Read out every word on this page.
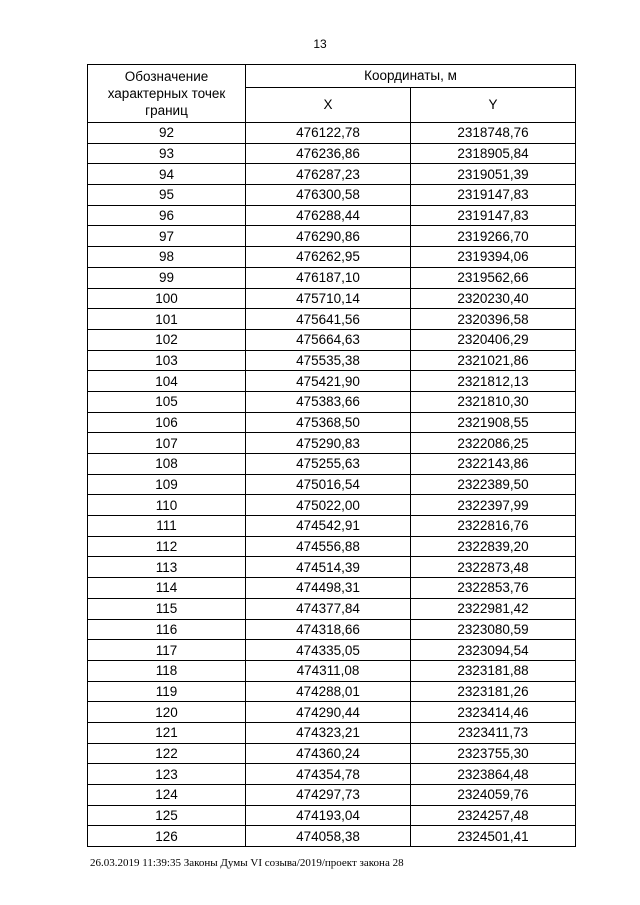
13
Обозначение характерных точек границ	Координаты, м	
	X	Y
92	476122,78	2318748,76
93	476236,86	2318905,84
94	476287,23	2319051,39
95	476300,58	2319147,83
96	476288,44	2319147,83
97	476290,86	2319266,70
98	476262,95	2319394,06
99	476187,10	2319562,66
100	475710,14	2320230,40
101	475641,56	2320396,58
102	475664,63	2320406,29
103	475535,38	2321021,86
104	475421,90	2321812,13
105	475383,66	2321810,30
106	475368,50	2321908,55
107	475290,83	2322086,25
108	475255,63	2322143,86
109	475016,54	2322389,50
110	475022,00	2322397,99
111	474542,91	2322816,76
112	474556,88	2322839,20
113	474514,39	2322873,48
114	474498,31	2322853,76
115	474377,84	2322981,42
116	474318,66	2323080,59
117	474335,05	2323094,54
118	474311,08	2323181,88
119	474288,01	2323181,26
120	474290,44	2323414,46
121	474323,21	2323411,73
122	474360,24	2323755,30
123	474354,78	2323864,48
124	474297,73	2324059,76
125	474193,04	2324257,48
126	474058,38	2324501,41
26.03.2019 11:39:35 Законы Думы VI созыва/2019/проект закона 28
